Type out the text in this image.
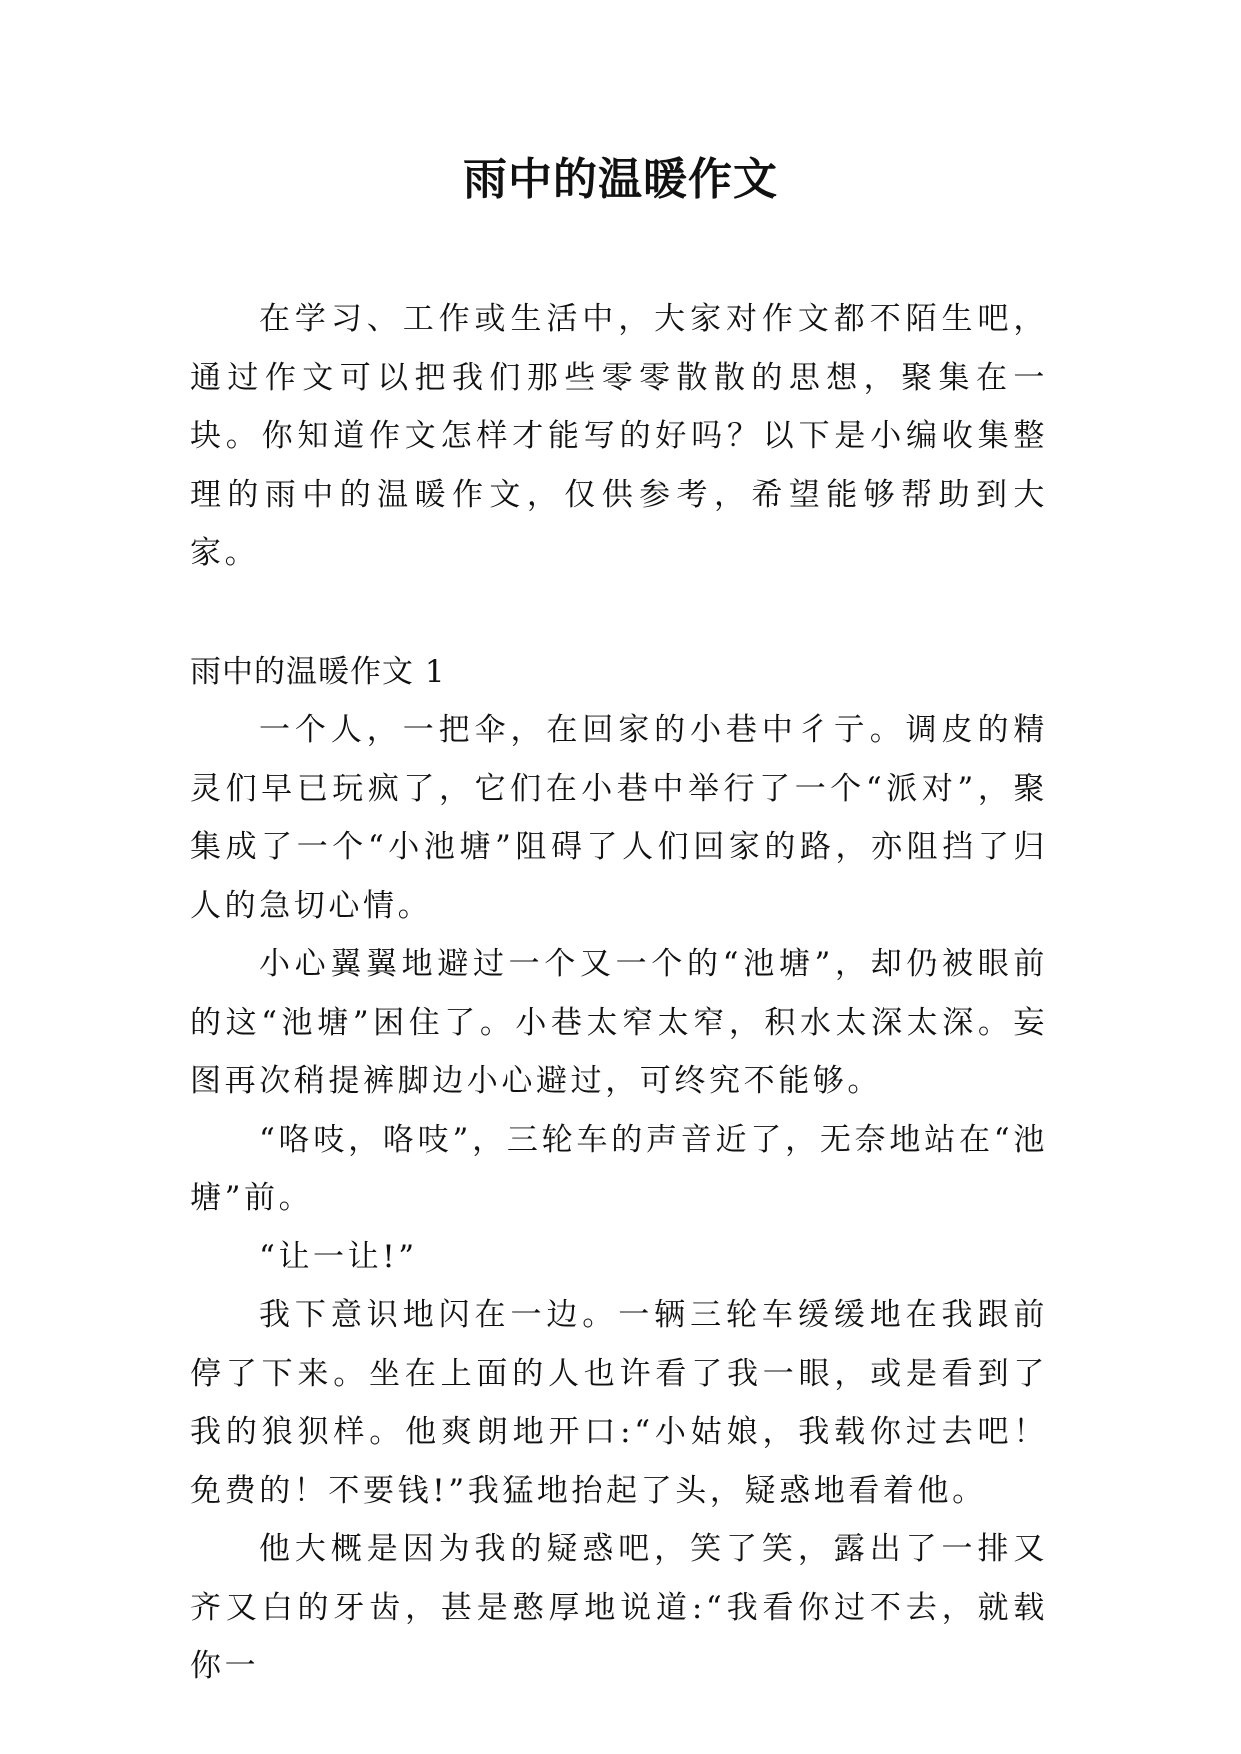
雨中的温暖作文

在学习、工作或生活中，大家对作文都不陌生吧，通过作文可以把我们那些零零散散的思想，聚集在一块。你知道作文怎样才能写的好吗？以下是小编收集整理的雨中的温暖作文，仅供参考，希望能够帮助到大家。

雨中的温暖作文 1

一个人，一把伞，在回家的小巷中彳亍。调皮的精灵们早已玩疯了，它们在小巷中举行了一个“派对”，聚集成了一个“小池塘”阻碍了人们回家的路，亦阻挡了归人的急切心情。

小心翼翼地避过一个又一个的“池塘”，却仍被眼前的这“池塘”困住了。小巷太窄太窄，积水太深太深。妄图再次稍提裤脚边小心避过，可终究不能够。

“咯吱，咯吱”，三轮车的声音近了，无奈地站在“池塘”前。

“让一让!”

我下意识地闪在一边。一辆三轮车缓缓地在我跟前停了下来。坐在上面的人也许看了我一眼，或是看到了我的狼狈样。他爽朗地开口:“小姑娘，我载你过去吧！免费的！不要钱!”我猛地抬起了头，疑惑地看着他。

他大概是因为我的疑惑吧，笑了笑，露出了一排又齐又白的牙齿，甚是憨厚地说道:“我看你过不去，就载你一
